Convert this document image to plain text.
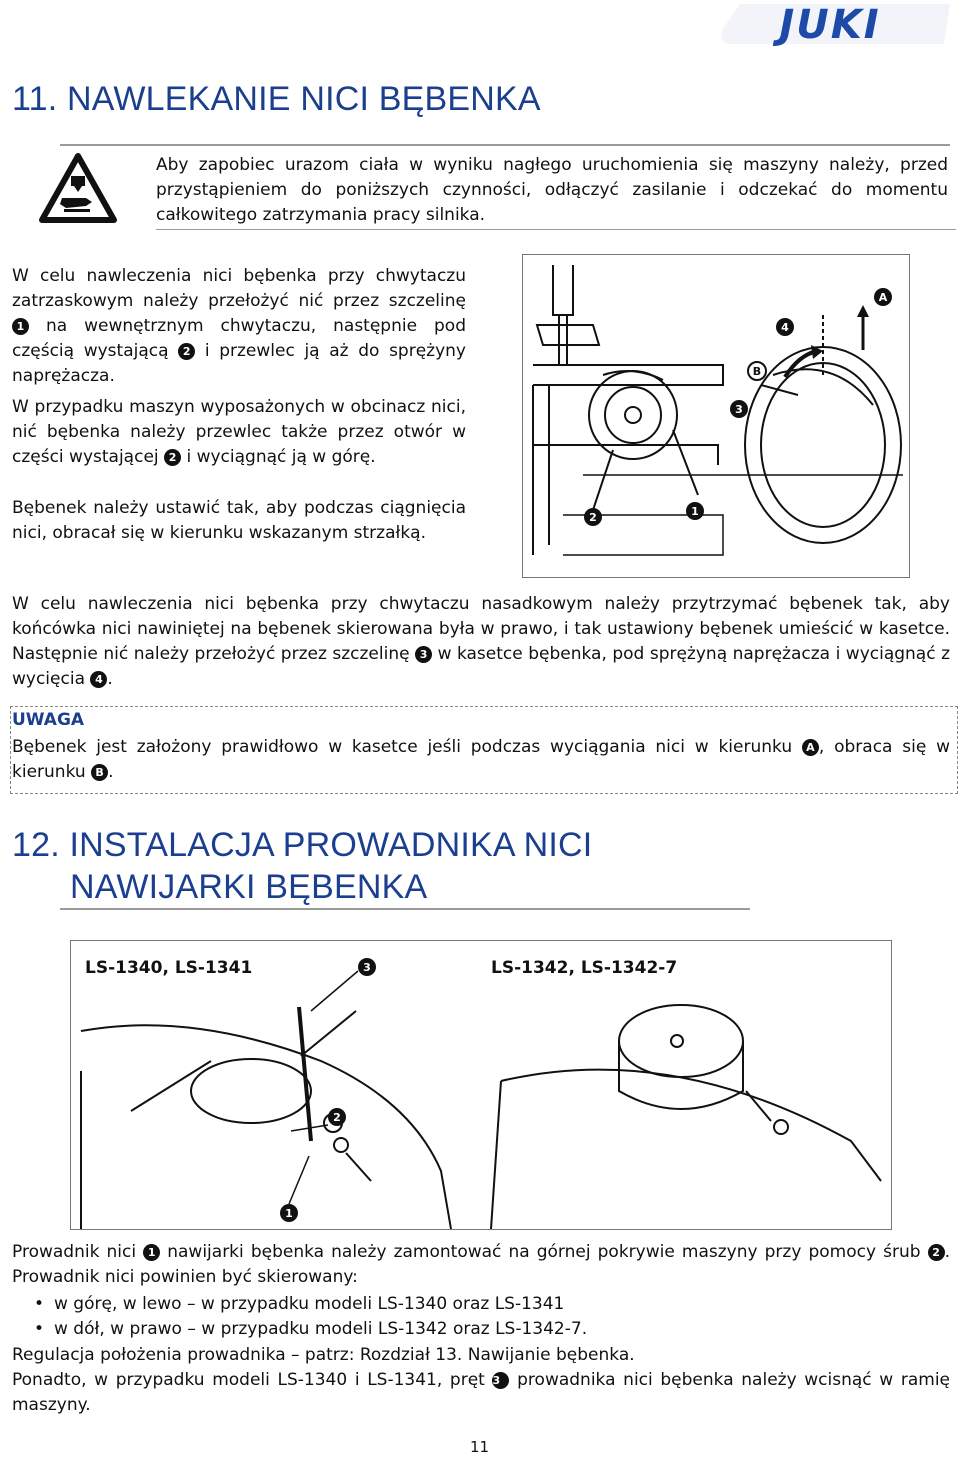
JUKI
11. NAWLEKANIE NICI BĘBENKA

Aby zapobiec urazom ciała w wyniku nagłego uruchomienia się maszyny należy, przed przystąpieniem do poniższych czynności, odłączyć zasilanie i odczekać do momentu całkowitego zatrzymania pracy silnika.

W celu nawleczenia nici bębenka przy chwytaczu zatrzaskowym należy przełożyć nić przez szczelinę 1 na wewnętrznym chwytaczu, następnie pod częścią wystającą 2 i przewlec ją aż do sprężyny naprężacza.

W przypadku maszyn wyposażonych w obcinacz nici, nić bębenka należy przewlec także przez otwór w części wystającej 2 i wyciągnąć ją w górę.

Bębenek należy ustawić tak, aby podczas ciągnięcia nici, obracał się w kierunku wskazanym strzałką.

A
4
B
3
2	1

W celu nawleczenia nici bębenka przy chwytaczu nasadkowym należy przytrzymać bębenek tak, aby końcówka nici nawiniętej na bębenek skierowana była w prawo, i tak ustawiony bębenek umieścić w kasetce. Następnie nić należy przełożyć przez szczelinę 3 w kasetce bębenka, pod sprężyną naprężacza i wyciągnąć z wycięcia 4 .

UWAGA

Bębenek jest założony prawidłowo w kasetce jeśli podczas wyciągania nici w kierunku A , obraca się w kierunku B .

12. INSTALACJA PROWADNIKA NICI
NAWIJARKI BĘBENKA
LS-1340, LS-1341	LS-1342, LS-1342-7
3
2
1

Prowadnik nici 1 nawijarki bębenka należy zamontować na górnej pokrywie maszyny przy pomocy śrub 2 . Prowadnik nici powinien być skierowany:

• w górę, w lewo – w przypadku modeli LS-1340 oraz LS-1341
• w dół, w prawo – w przypadku modeli LS-1342 oraz LS-1342-7.

Regulacja położenia prowadnika – patrz: Rozdział 13. Nawijanie bębenka.

Ponadto, w przypadku modeli LS-1340 i LS-1341, pręt 3 prowadnika nici bębenka należy wcisnąć w ramię maszyny.

11
